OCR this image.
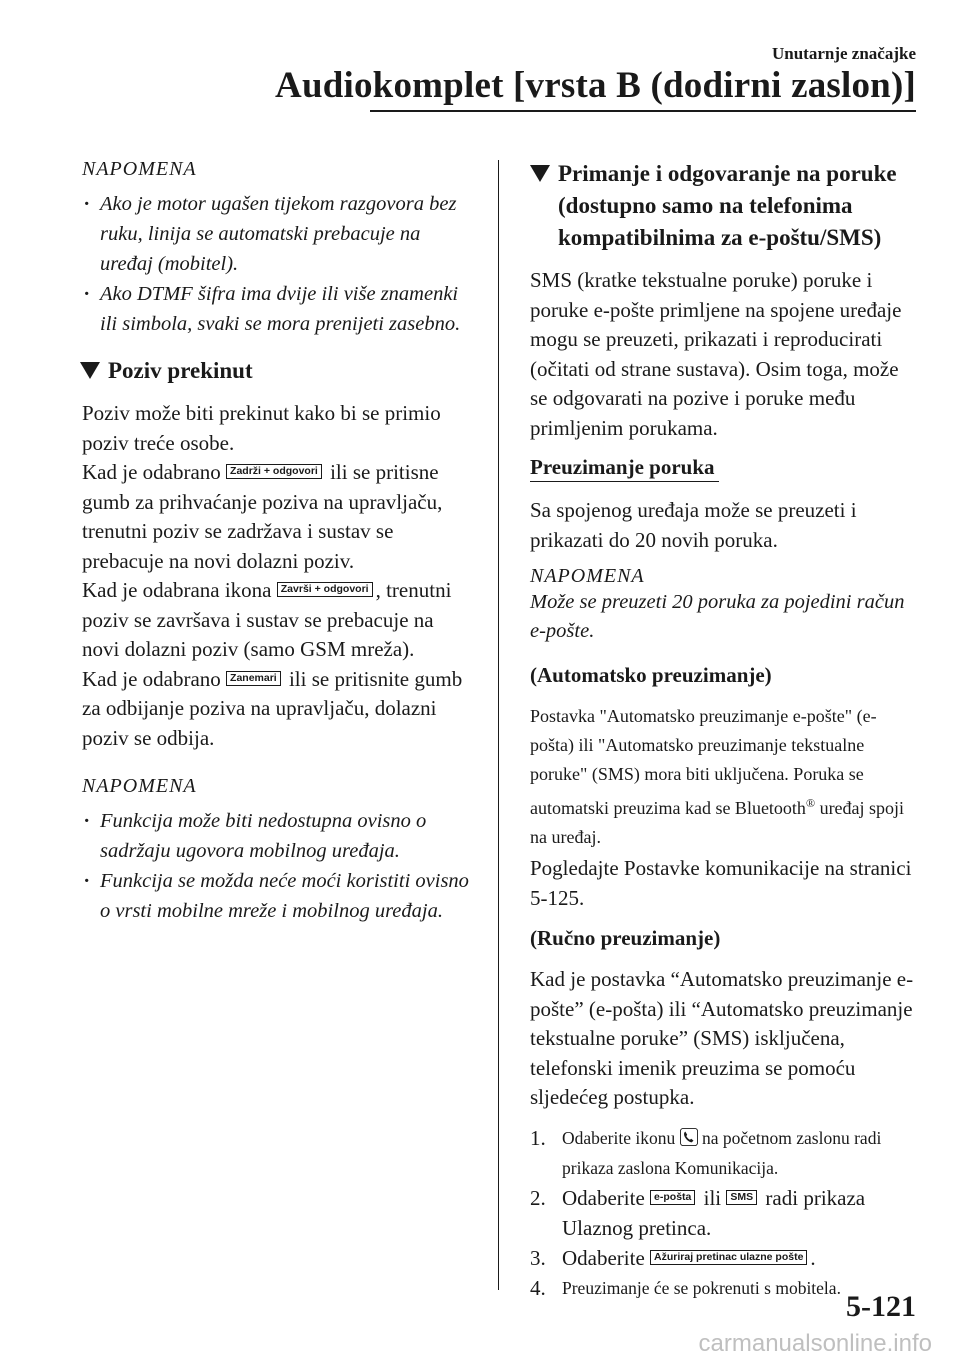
Unutarnje značajke
Audiokomplet [vrsta B (dodirni zaslon)]
NAPOMENA
· Ako je motor ugašen tijekom razgovora bez ruku, linija se automatski prebacuje na uređaj (mobitel).
· Ako DTMF šifra ima dvije ili više znamenki ili simbola, svaki se mora prenijeti zasebno.
Poziv prekinut

Poziv može biti prekinut kako bi se primio poziv treće osobe.

Kad je odabrano Zadrži + odgovori ili se pritisne gumb za prihvaćanje poziva na upravljaču, trenutni poziv se zadržava i sustav se prebacuje na novi dolazni poziv.

Kad je odabrana ikona Završi + odgovori , trenutni poziv se završava i sustav se prebacuje na novi dolazni poziv (samo GSM mreža).

Kad je odabrano Zanemari ili se pritisnite gumb za odbijanje poziva na upravljaču, dolazni poziv se odbija.

NAPOMENA
· Funkcija može biti nedostupna ovisno o sadržaju ugovora mobilnog uređaja.
· Funkcija se možda neće moći koristiti ovisno o vrsti mobilne mreže i mobilnog uređaja.
Primanje i odgovaranje na poruke (dostupno samo na telefonima kompatibilnima za e-poštu/SMS)

SMS (kratke tekstualne poruke) poruke i poruke e-pošte primljene na spojene uređaje mogu se preuzeti, prikazati i reproducirati (očitati od strane sustava). Osim toga, može se odgovarati na pozive i poruke među primljenim porukama.

Preuzimanje poruka

Sa spojenog uređaja može se preuzeti i prikazati do 20 novih poruka.

NAPOMENA

Može se preuzeti 20 poruka za pojedini račun e-pošte.

(Automatsko preuzimanje)

Postavka "Automatsko preuzimanje e-pošte" (e-pošta) ili "Automatsko preuzimanje tekstualne poruke" (SMS) mora biti uključena. Poruka se automatski preuzima kad se Bluetooth® uređaj spoji na uređaj.

Pogledajte Postavke komunikacije na stranici 5-125.

(Ručno preuzimanje)

Kad je postavka “Automatsko preuzimanje e-pošte” (e-pošta) ili “Automatsko preuzimanje tekstualne poruke” (SMS) isključena, telefonski imenik preuzima se pomoću sljedećeg postupka.

1. Odaberite ikonu  na početnom zaslonu radi prikaza zaslona Komunikacija.
2. Odaberite e-pošta ili SMS radi prikaza Ulaznog pretinca.
3. Odaberite Ažuriraj pretinac ulazne pošte .
4. Preuzimanje će se pokrenuti s mobitela.
5-121
carmanualsonline.info
